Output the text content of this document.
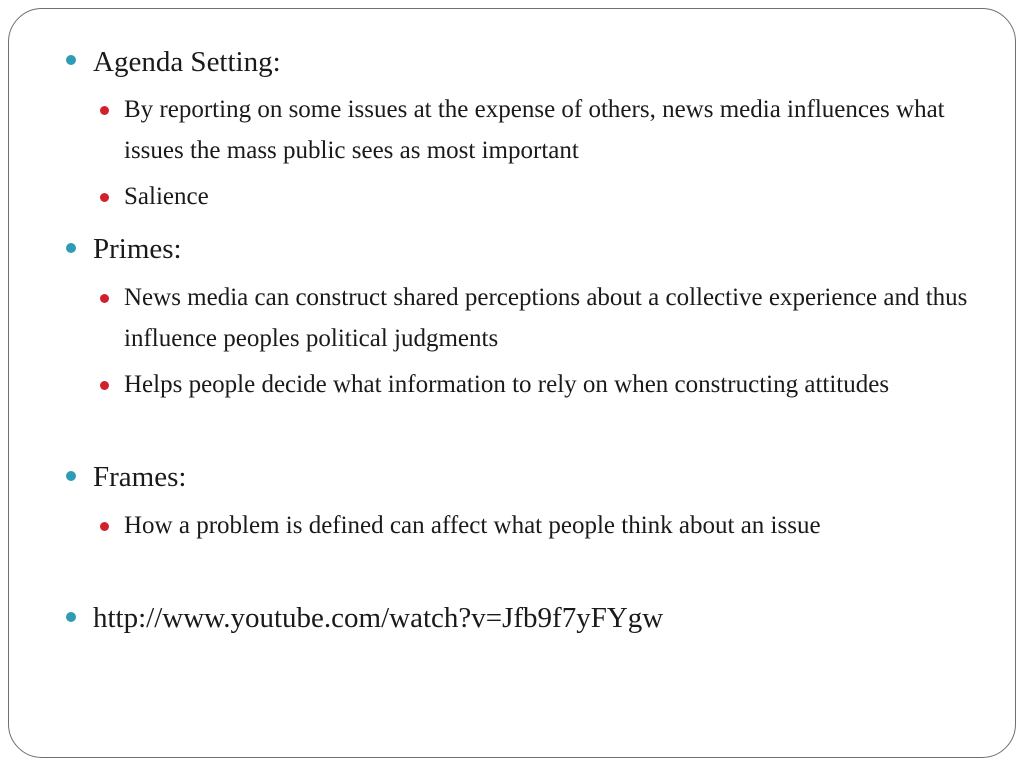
Agenda Setting:
By reporting on some issues at the expense of others, news media influences what issues the mass public sees as most important
Salience
Primes:
News media can construct shared perceptions about a collective experience and thus influence peoples political judgments
Helps people decide what information to rely on when constructing attitudes
Frames:
How a problem is defined can affect what people think about an issue
http://www.youtube.com/watch?v=Jfb9f7yFYgw
